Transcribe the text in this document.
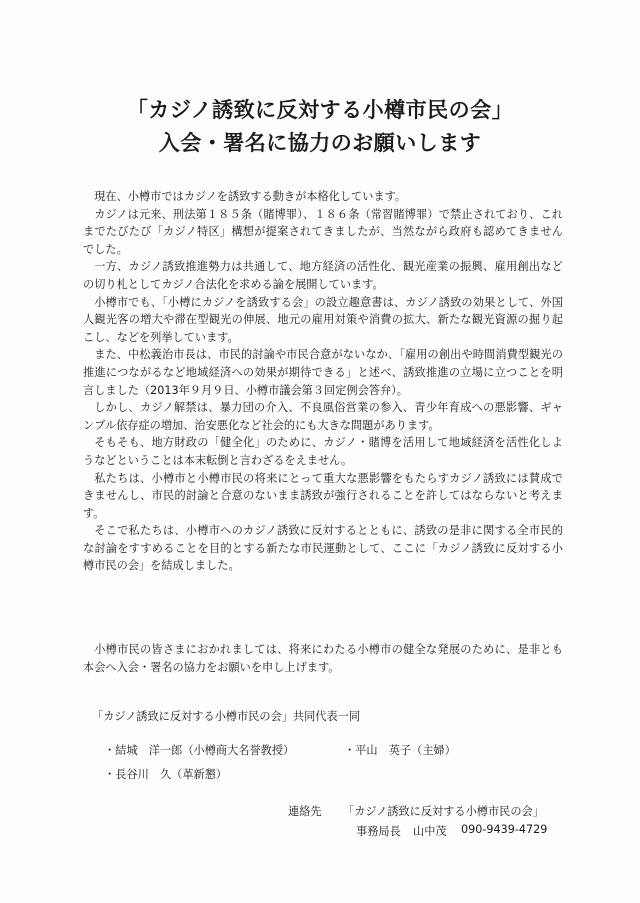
「カジノ誘致に反対する小樽市民の会」
入会・署名に協力のお願いします

現在、小樽市ではカジノを誘致する動きが本格化しています。

カジノは元来、刑法第１８５条（賭博罪）、１８６条（常習賭博罪）で禁止されており、これまでたびたび「カジノ特区」構想が提案されてきましたが、当然ながら政府も認めてきませんでした。

一方、カジノ誘致推進勢力は共通して、地方経済の活性化、観光産業の振興、雇用創出などの切り札としてカジノ合法化を求める論を展開しています。

小樽市でも、「小樽にカジノを誘致する会」の設立趣意書は、カジノ誘致の効果として、外国人観光客の増大や滞在型観光の伸展、地元の雇用対策や消費の拡大、新たな観光資源の掘り起こし、などを列挙しています。

また、中松義治市長は、市民的討論や市民合意がないなか、「雇用の創出や時間消費型観光の推進につながるなど地域経済への効果が期待できる」と述べ、誘致推進の立場に立つことを明言しました（2013年９月９日、小樽市議会第３回定例会答弁）。

しかし、カジノ解禁は、暴力団の介入、不良風俗営業の参入、青少年育成への悪影響、ギャンブル依存症の増加、治安悪化など社会的にも大きな問題があります。

そもそも、地方財政の「健全化」のために、カジノ・賭博を活用して地域経済を活性化しようなどということは本末転倒と言わざるをえません。

私たちは、小樽市と小樽市民の将来にとって重大な悪影響をもたらすカジノ誘致には賛成できませんし、市民的討論と合意のないまま誘致が強行されることを許してはならないと考えます。

そこで私たちは、小樽市へのカジノ誘致に反対するとともに、誘致の是非に関する全市民的な討論をすすめることを目的とする新たな市民運動として、ここに「カジノ誘致に反対する小樽市民の会」を結成しました。

小樽市民の皆さまにおかれましては、将来にわたる小樽市の健全な発展のために、是非とも本会へ入会・署名の協力をお願いを申し上げます。

「カジノ誘致に反対する小樽市民の会」共同代表一同
・結城　洋一郎（小樽商大名誉教授）	・平山　英子（主婦）
・長谷川　久（革新懇）
連絡先 「カジノ誘致に反対する小樽市民の会」
事務局長 山中茂 090-9439-4729
